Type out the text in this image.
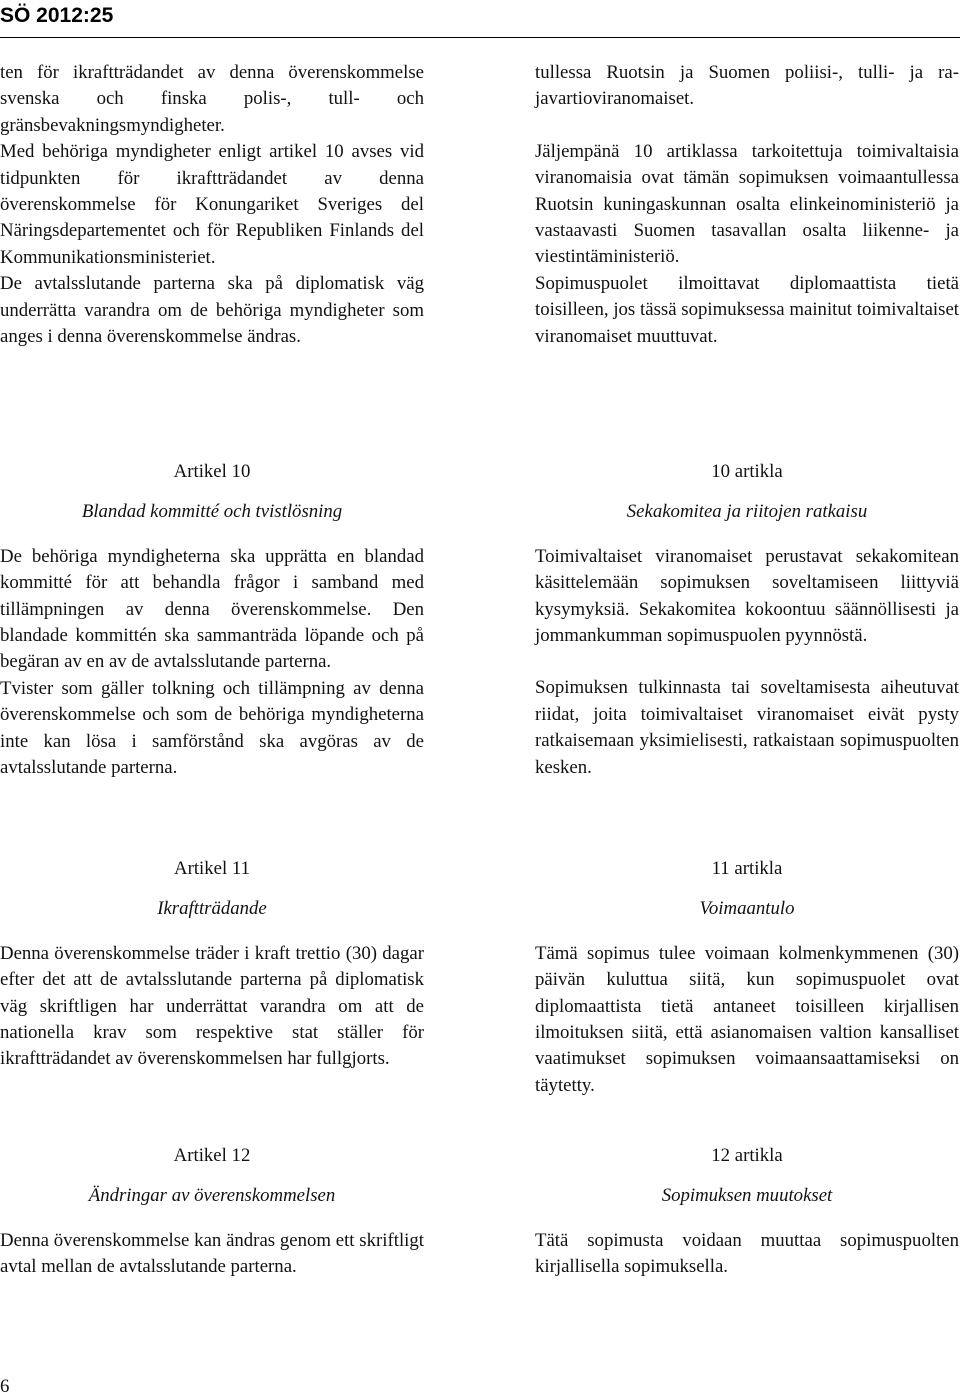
SÖ 2012:25

ten för ikraftträdandet av denna överenskommelse svenska och finska polis-, tull- och gränsbevakningsmyndigheter.

Med behöriga myndigheter enligt artikel 10 avses vid tidpunkten för ikraftträdandet av denna överenskommelse för Konungariket Sveriges del Näringsdepartementet och för Republiken Finlands del Kommunikationsministeriet.

De avtalsslutande parterna ska på diplomatisk väg underrätta varandra om de behöriga myndigheter som anges i denna överenskommelse ändras.

tullessa Ruotsin ja Suomen poliisi-, tulli- ja rajavartioviranomaiset.

Jäljempänä 10 artiklassa tarkoitettuja toimivaltaisia viranomaisia ovat tämän sopimuksen voimaantullessa Ruotsin kuningaskunnan osalta elinkeinoministeriö ja vastaavasti Suomen tasavallan osalta liikenne- ja viestintäministeriö.

Sopimuspuolet ilmoittavat diplomaattista tietä toisilleen, jos tässä sopimuksessa mainitut toimivaltaiset viranomaiset muuttuvat.

Artikel 10

Blandad kommitté och tvistlösning

De behöriga myndigheterna ska upprätta en blandad kommitté för att behandla frågor i samband med tillämpningen av denna överenskommelse. Den blandade kommittén ska sammanträda löpande och på begäran av en av de avtalsslutande parterna.

Tvister som gäller tolkning och tillämpning av denna överenskommelse och som de behöriga myndigheterna inte kan lösa i samförstånd ska avgöras av de avtalsslutande parterna.

10 artikla

Sekakomitea ja riitojen ratkaisu

Toimivaltaiset viranomaiset perustavat sekakomitean käsittelemään sopimuksen soveltamiseen liittyviä kysymyksiä. Sekakomitea kokoontuu säännöllisesti ja jommankumman sopimuspuolen pyynnöstä.

Sopimuksen tulkinnasta tai soveltamisesta aiheutuvat riidat, joita toimivaltaiset viranomaiset eivät pysty ratkaisemaan yksimielisesti, ratkaistaan sopimuspuolten kesken.

Artikel 11

Ikraftträdande

Denna överenskommelse träder i kraft trettio (30) dagar efter det att de avtalsslutande parterna på diplomatisk väg skriftligen har underrättat varandra om att de nationella krav som respektive stat ställer för ikraftträdandet av överenskommelsen har fullgjorts.

11 artikla

Voimaantulo

Tämä sopimus tulee voimaan kolmenkymmenen (30) päivän kuluttua siitä, kun sopimuspuolet ovat diplomaattista tietä antaneet toisilleen kirjallisen ilmoituksen siitä, että asianomaisen valtion kansalliset vaatimukset sopimuksen voimaansaattamiseksi on täytetty.

Artikel 12

Ändringar av överenskommelsen

Denna överenskommelse kan ändras genom ett skriftligt avtal mellan de avtalsslutande parterna.

12 artikla

Sopimuksen muutokset

Tätä sopimusta voidaan muuttaa sopimuspuolten kirjallisella sopimuksella.

6
